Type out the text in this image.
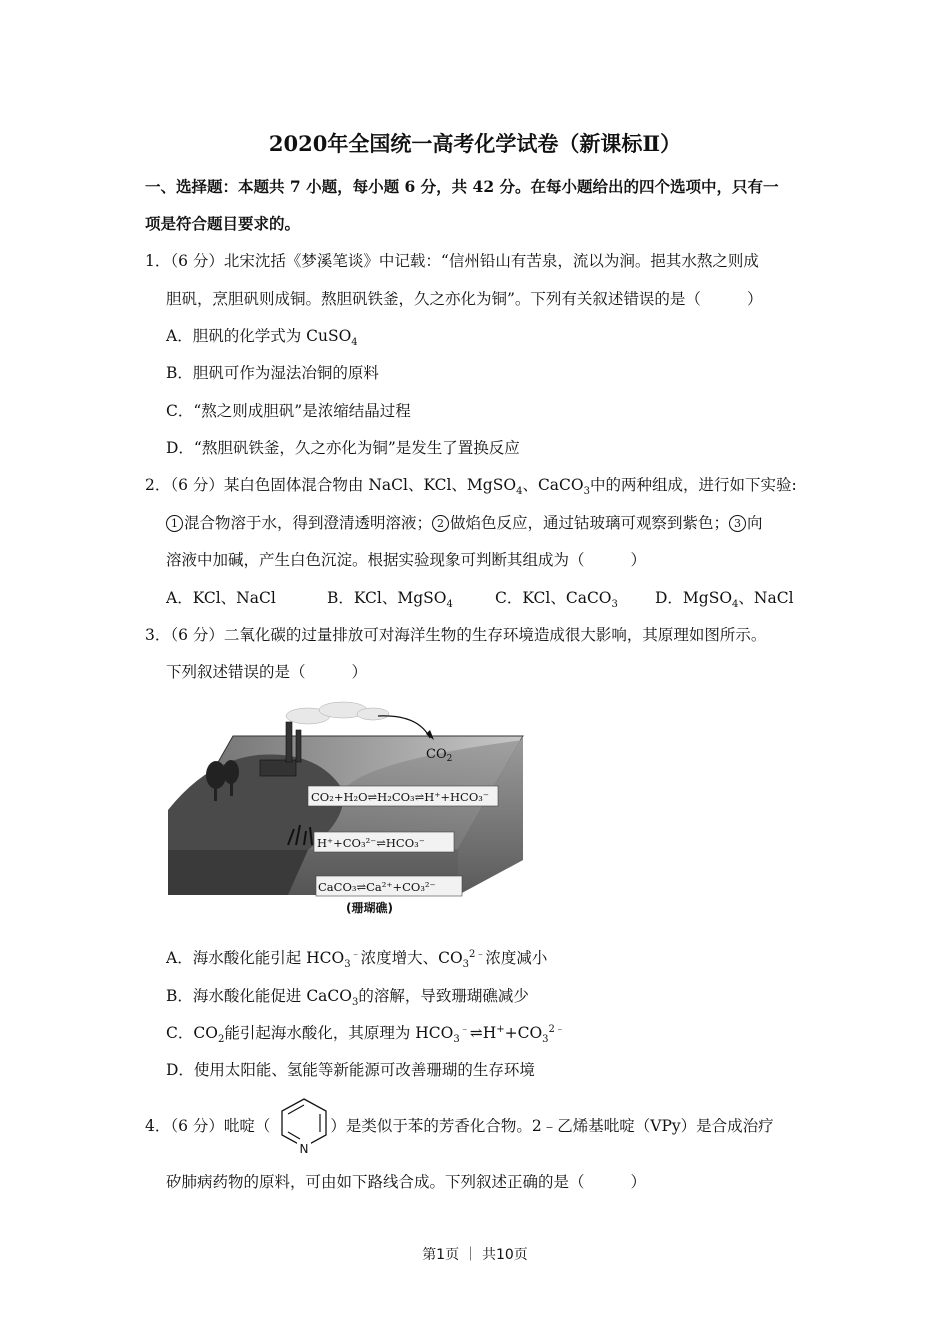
2020年全国统一高考化学试卷（新课标Ⅱ）
一、选择题：本题共 7 小题，每小题 6 分，共 42 分。在每小题给出的四个选项中，只有一
项是符合题目要求的。
1．（6 分）北宋沈括《梦溪笔谈》中记载：“信州铅山有苦泉，流以为涧。挹其水熬之则成
胆矾，烹胆矾则成铜。熬胆矾铁釜，久之亦化为铜”。下列有关叙述错误的是（	）
A．胆矾的化学式为 CuSO$_4$
B．胆矾可作为湿法冶铜的原料
C．“熬之则成胆矾”是浓缩结晶过程
D．“熬胆矾铁釜，久之亦化为铜”是发生了置换反应
2．（6 分）某白色固体混合物由 NaCl、KCl、MgSO$_4$、CaCO$_3$中的两种组成，进行如下实验:
1 混合物溶于水，得到澄清透明溶液； 2 做焰色反应，通过钴玻璃可观察到紫色； 3 向
溶液中加碱，产生白色沉淀。根据实验现象可判断其组成为（	）
A．KCl、NaCl	B．KCl、MgSO$_4$	C．KCl、CaCO$_3$ D．MgSO$_4$、NaCl
3．（6 分）二氧化碳的过量排放可对海洋生物的生存环境造成很大影响，其原理如图所示。
下列叙述错误的是（	）
$CO_2$
CO₂+H₂O⇌H₂CO₃⇌H⁺+HCO₃⁻
H⁺+CO₃²⁻⇌HCO₃⁻
CaCO₃⇌Ca²⁺+CO₃²⁻
(珊瑚礁)
A．海水酸化能引起 $HCO_3^﹣$浓度增大、$CO_3^{2﹣}$浓度减小
B．海水酸化能促进 CaCO$_3$的溶解，导致珊瑚礁减少
C．$CO_2$能引起海水酸化，其原理为 $HCO_3^﹣\rightleftharpoons H^++CO_3^{2﹣}$
D．使用太阳能、氢能等新能源可改善珊瑚的生存环境
4．（6 分）吡啶（	）是类似于苯的芳香化合物。2﹣乙烯基吡啶（VPy）是合成治疗
N
矽肺病药物的原料，可由如下路线合成。下列叙述正确的是（	）
第1页 ｜ 共10页
